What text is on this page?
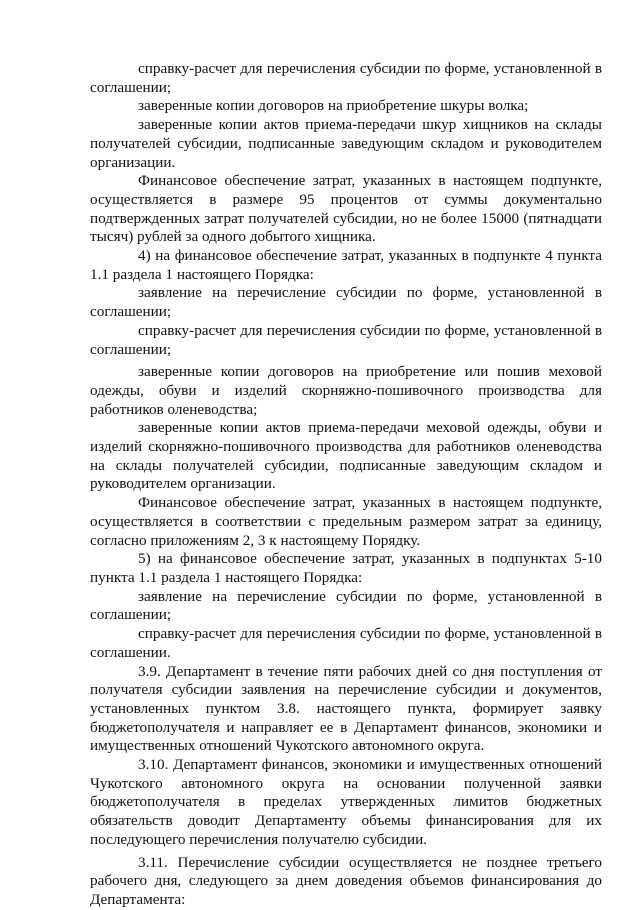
справку-расчет для перечисления субсидии по форме, установленной в соглашении;

заверенные копии договоров на приобретение шкуры волка;

заверенные копии актов приема-передачи шкур хищников на склады получателей субсидии, подписанные заведующим складом и руководителем организации.

Финансовое обеспечение затрат, указанных в настоящем подпункте, осуществляется в размере 95 процентов от суммы документально подтвержденных затрат получателей субсидии, но не более 15000 (пятнадцати тысяч) рублей за одного добытого хищника.

4) на финансовое обеспечение затрат, указанных в подпункте 4 пункта 1.1 раздела 1 настоящего Порядка:

заявление на перечисление субсидии по форме, установленной в соглашении;

справку-расчет для перечисления субсидии по форме, установленной в соглашении;

заверенные копии договоров на приобретение или пошив меховой одежды, обуви и изделий скорняжно-пошивочного производства для работников оленеводства;

заверенные копии актов приема-передачи меховой одежды, обуви и изделий скорняжно-пошивочного производства для работников оленеводства на склады получателей субсидии, подписанные заведующим складом и руководителем организации.

Финансовое обеспечение затрат, указанных в настоящем подпункте, осуществляется в соответствии с предельным размером затрат за единицу, согласно приложениям 2, 3 к настоящему Порядку.

5) на финансовое обеспечение затрат, указанных в подпунктах 5-10 пункта 1.1 раздела 1 настоящего Порядка:

заявление на перечисление субсидии по форме, установленной в соглашении;

справку-расчет для перечисления субсидии по форме, установленной в соглашении.

3.9. Департамент в течение пяти рабочих дней со дня поступления от получателя субсидии заявления на перечисление субсидии и документов, установленных пунктом 3.8. настоящего пункта, формирует заявку бюджетополучателя и направляет ее в Департамент финансов, экономики и имущественных отношений Чукотского автономного округа.

3.10. Департамент финансов, экономики и имущественных отношений Чукотского автономного округа на основании полученной заявки бюджетополучателя в пределах утвержденных лимитов бюджетных обязательств доводит Департаменту объемы финансирования для их последующего перечисления получателю субсидии.

3.11. Перечисление субсидии осуществляется не позднее третьего рабочего дня, следующего за днем доведения объемов финансирования до Департамента:
